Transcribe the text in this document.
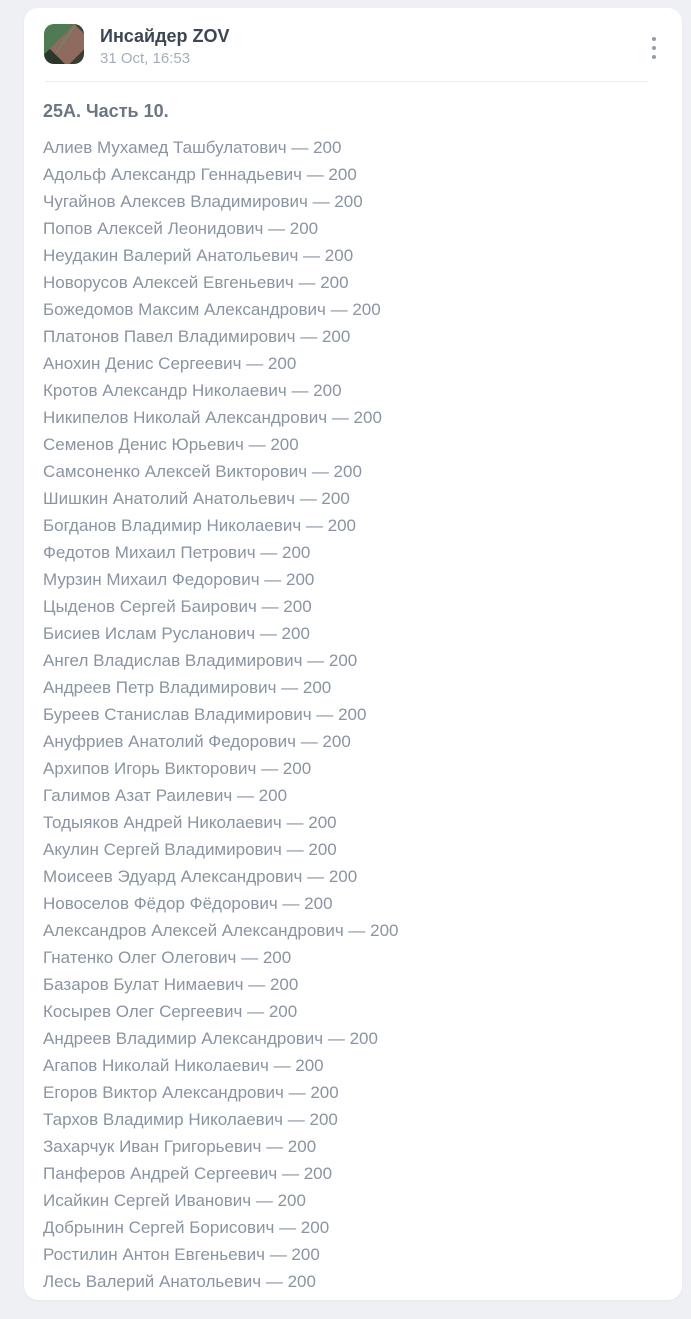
Инсайдер ZOV
31 Oct, 16:53
25А. Часть 10.
Алиев Мухамед Ташбулатович — 200
Адольф Александр Геннадьевич — 200
Чугайнов Алексев Владимирович — 200
Попов Алексей Леонидович — 200
Неудакин Валерий Анатольевич — 200
Новорусов Алексей Евгеньевич — 200
Божедомов Максим Александрович — 200
Платонов Павел Владимирович — 200
Анохин Денис Сергеевич — 200
Кротов Александр Николаевич — 200
Никипелов Николай Александрович — 200
Семенов Денис Юрьевич — 200
Самсоненко Алексей Викторович — 200
Шишкин Анатолий Анатольевич — 200
Богданов Владимир Николаевич — 200
Федотов Михаил Петрович — 200
Мурзин Михаил Федорович — 200
Цыденов Сергей Баирович — 200
Бисиев Ислам Русланович — 200
Ангел Владислав Владимирович — 200
Андреев Петр Владимирович — 200
Буреев Станислав Владимирович — 200
Ануфриев Анатолий Федорович — 200
Архипов Игорь Викторович — 200
Галимов Азат Раилевич — 200
Тодыяков Андрей Николаевич — 200
Акулин Сергей Владимирович — 200
Моисеев Эдуард Александрович — 200
Новоселов Фёдор Фёдорович — 200
Александров Алексей Александрович — 200
Гнатенко Олег Олегович — 200
Базаров Булат Нимаевич — 200
Косырев Олег Сергеевич — 200
Андреев Владимир Александрович — 200
Агапов Николай Николаевич — 200
Егоров Виктор Александрович — 200
Тархов Владимир Николаевич — 200
Захарчук Иван Григорьевич — 200
Панферов Андрей Сергеевич — 200
Исайкин Сергей Иванович — 200
Добрынин Сергей Борисович — 200
Ростилин Антон Евгеньевич — 200
Лесь Валерий Анатольевич — 200
